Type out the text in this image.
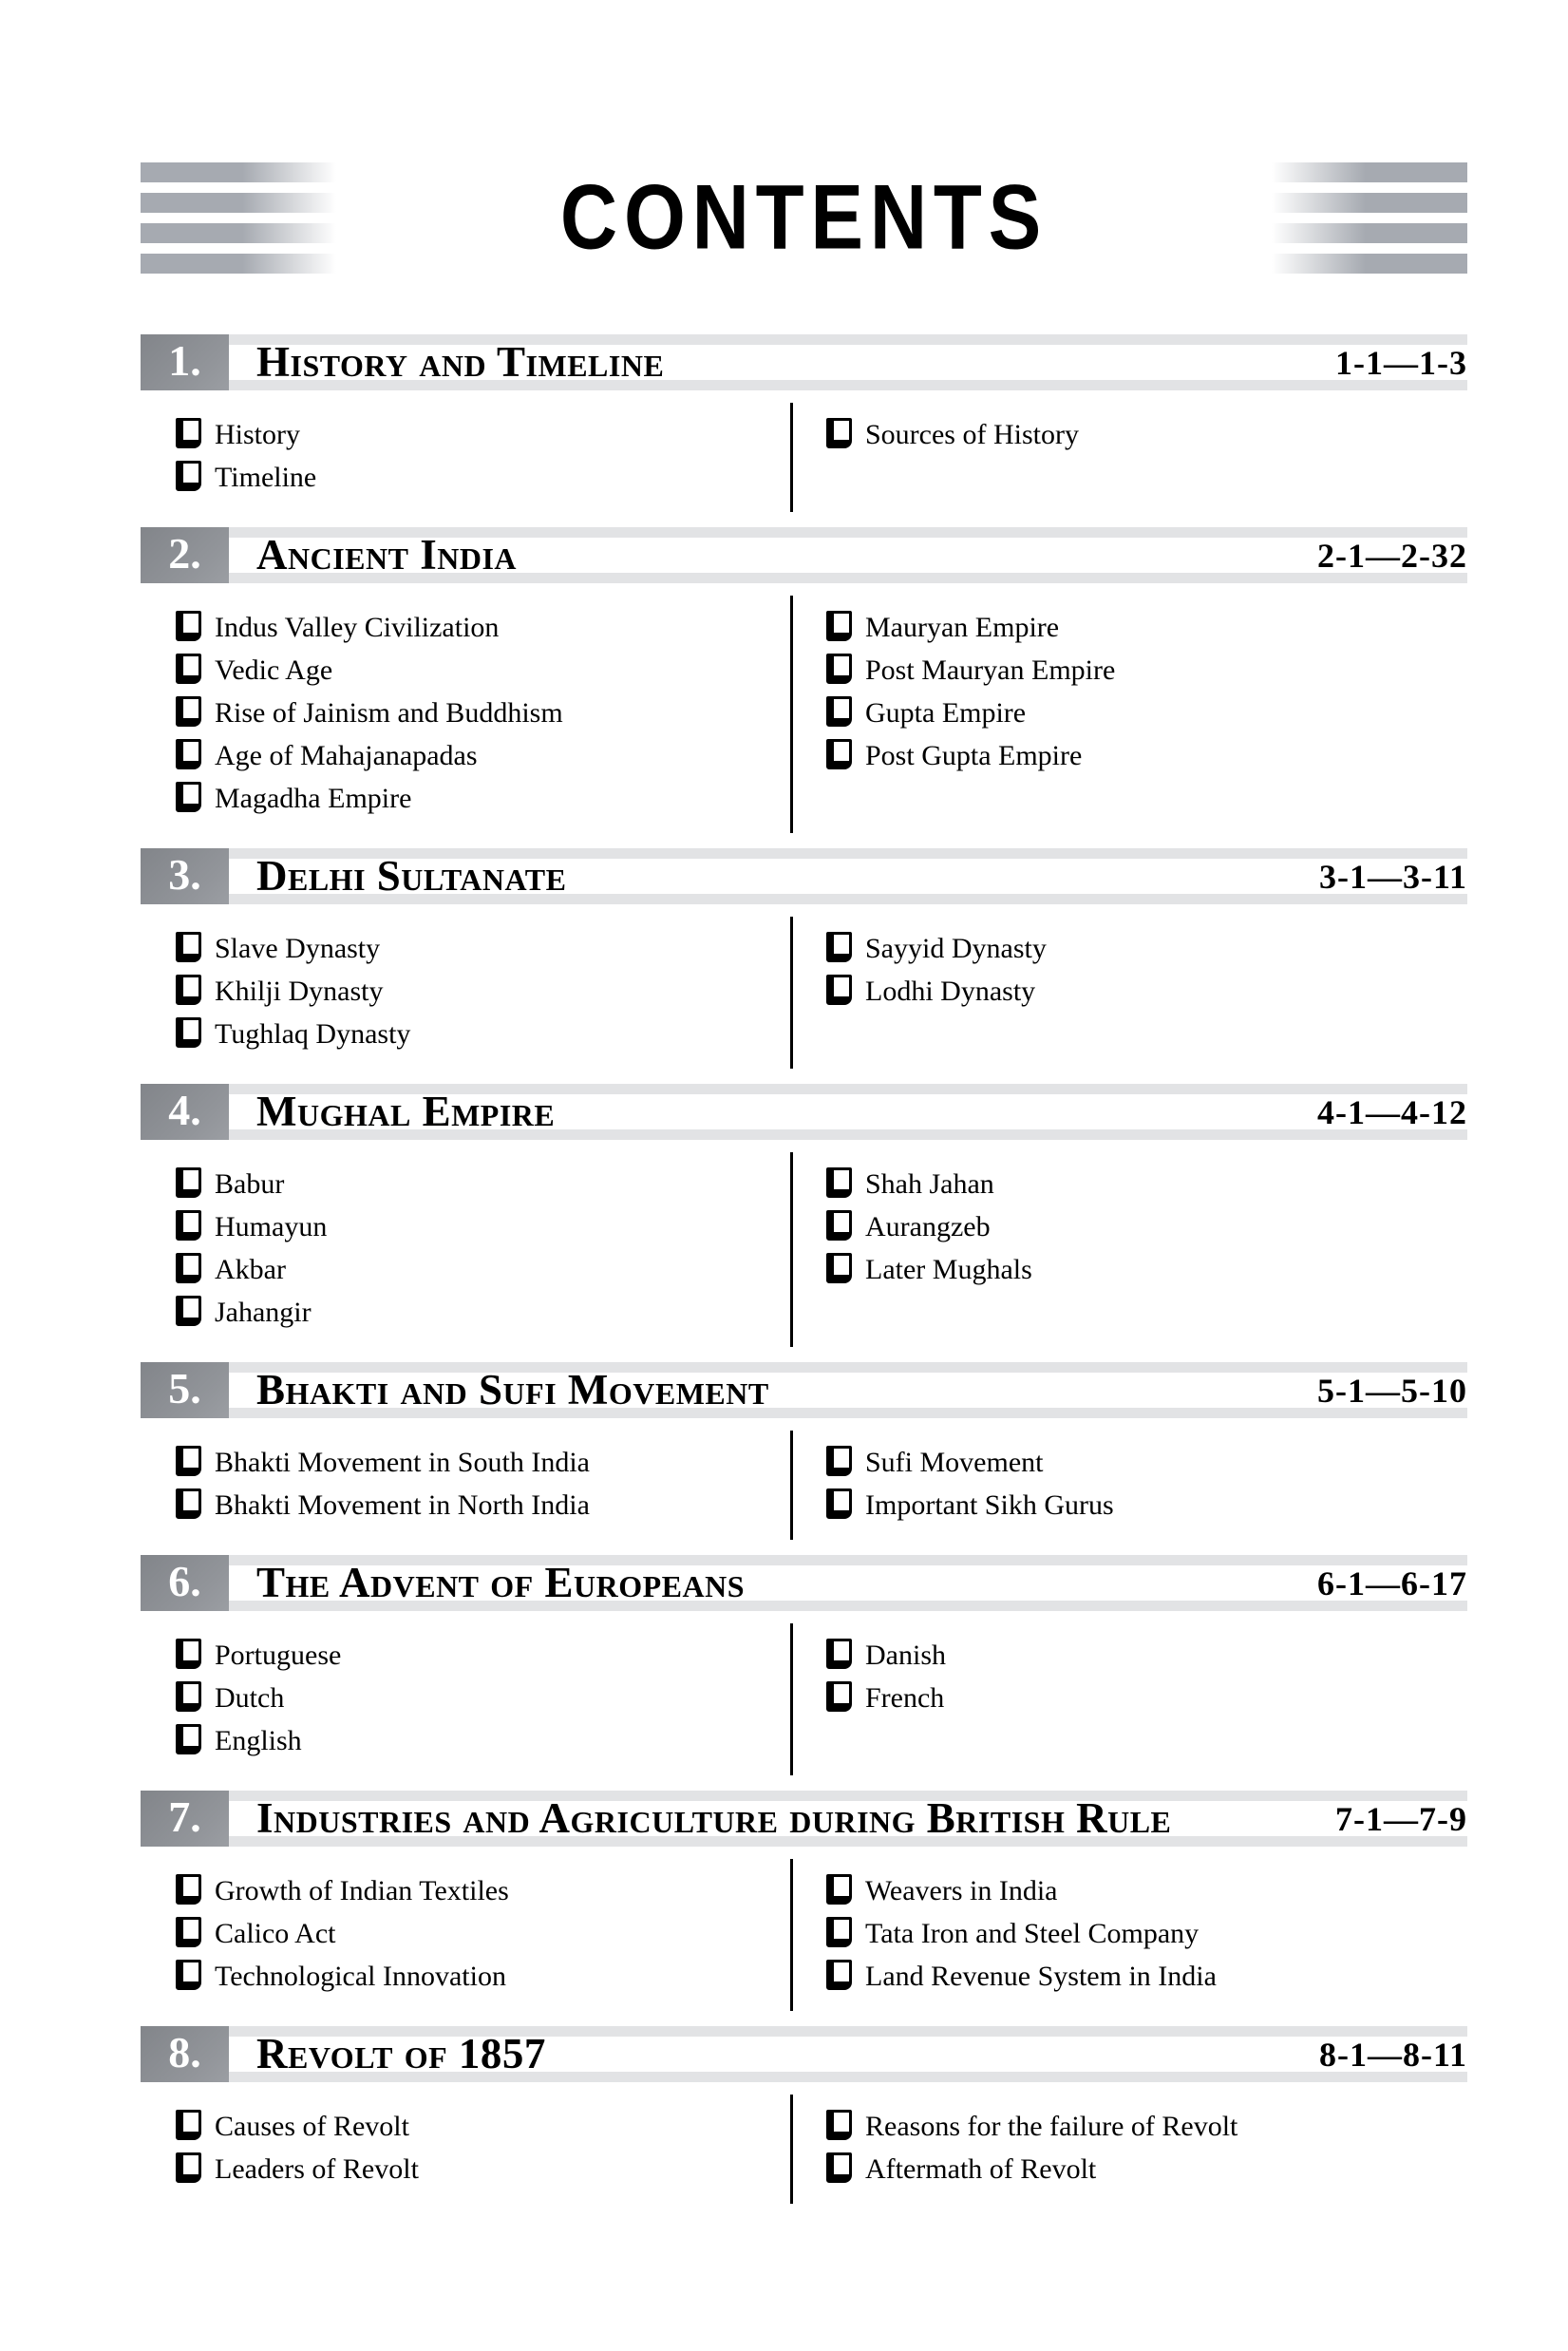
CONTENTS
1. History and Timeline	1-1—1-3
History
Timeline
Sources of History
2. Ancient India	2-1—2-32
Indus Valley Civilization
Vedic Age
Rise of Jainism and Buddhism
Age of Mahajanapadas
Magadha Empire
Mauryan Empire
Post Mauryan Empire
Gupta Empire
Post Gupta Empire
3. Delhi Sultanate	3-1—3-11
Slave Dynasty
Khilji Dynasty
Tughlaq Dynasty
Sayyid Dynasty
Lodhi Dynasty
4. Mughal Empire	4-1—4-12
Babur
Humayun
Akbar
Jahangir
Shah Jahan
Aurangzeb
Later Mughals
5. Bhakti and Sufi Movement	5-1—5-10
Bhakti Movement in South India
Bhakti Movement in North India
Sufi Movement
Important Sikh Gurus
6. The Advent of Europeans	6-1—6-17
Portuguese
Dutch
English
Danish
French
7. Industries and Agriculture during British Rule	7-1—7-9
Growth of Indian Textiles
Calico Act
Technological Innovation
Weavers in India
Tata Iron and Steel Company
Land Revenue System in India
8. Revolt of 1857	8-1—8-11
Causes of Revolt
Leaders of Revolt
Reasons for the failure of Revolt
Aftermath of Revolt
